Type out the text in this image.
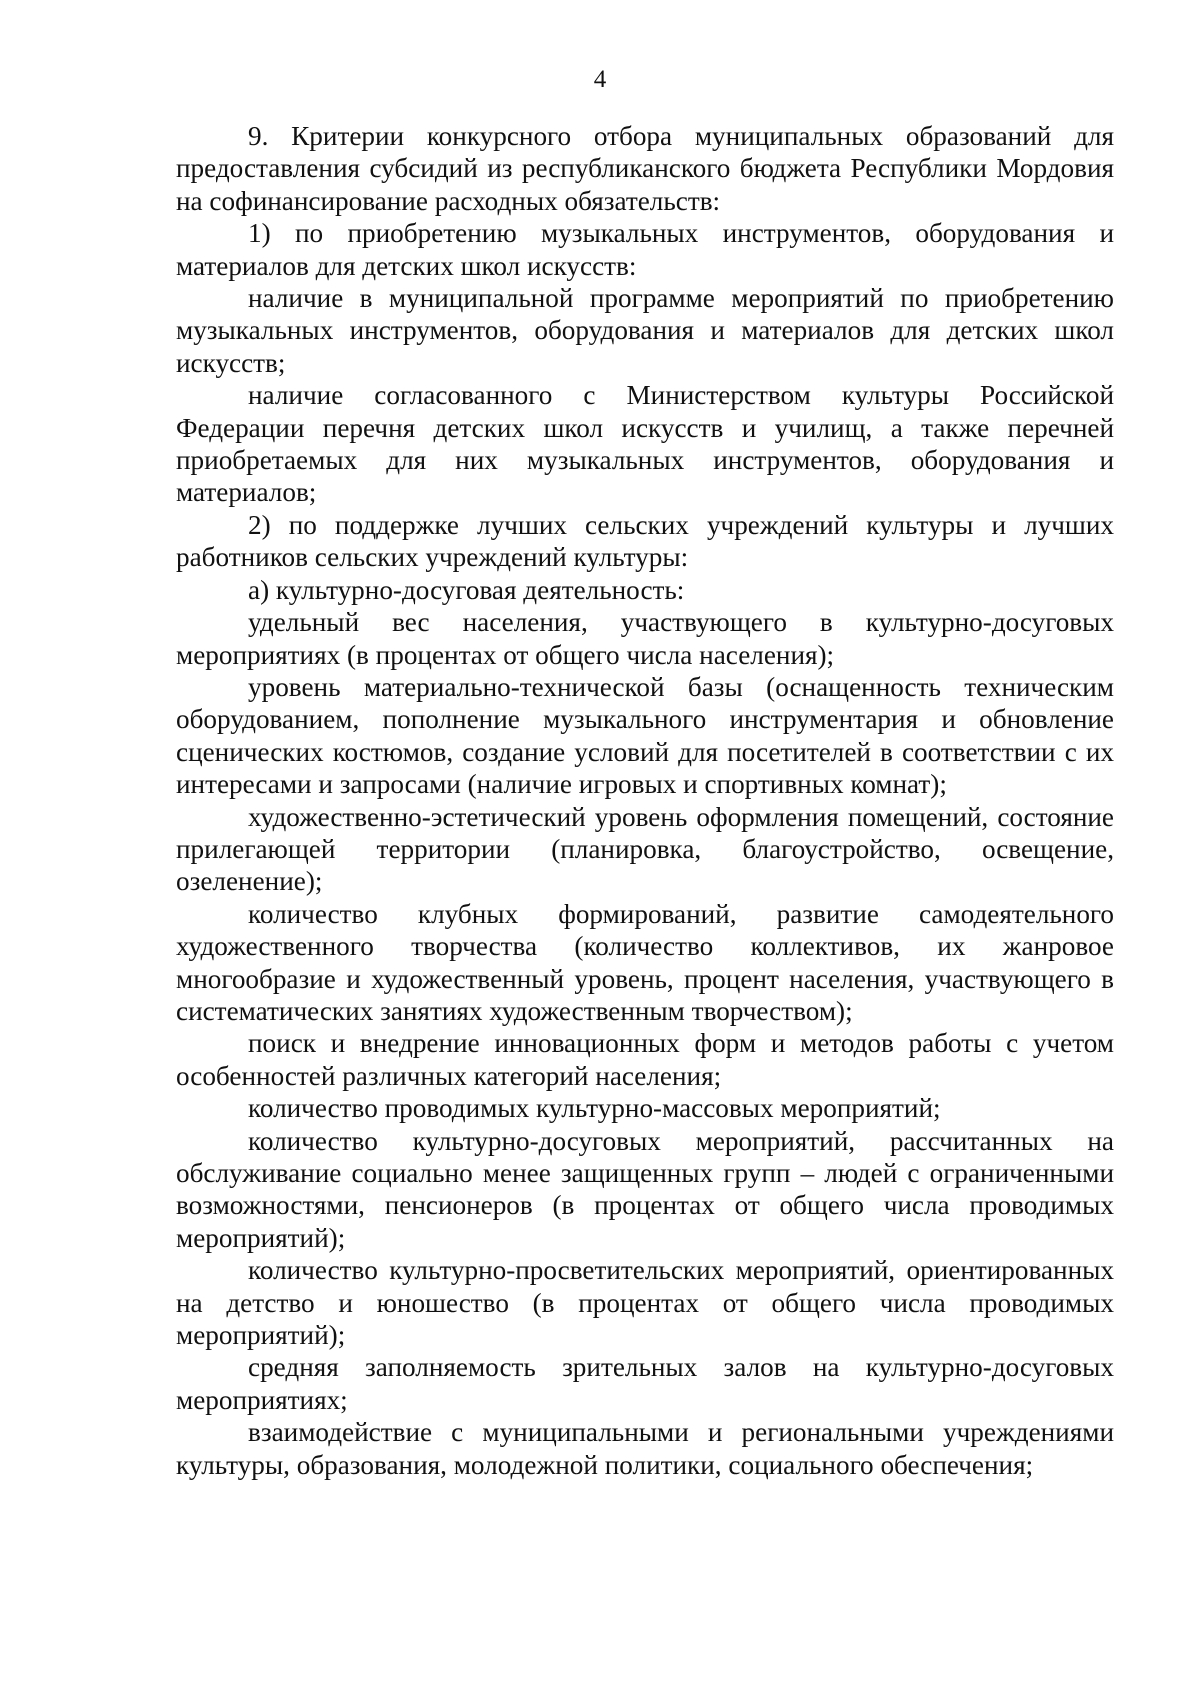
4

9. Критерии конкурсного отбора муниципальных образований для предоставления субсидий из республиканского бюджета Республики Мордовия на софинансирование расходных обязательств:

1) по приобретению музыкальных инструментов, оборудования и материалов для детских школ искусств:

наличие в муниципальной программе мероприятий по приобретению музыкальных инструментов, оборудования и материалов для детских школ искусств;

наличие согласованного с Министерством культуры Российской Федерации перечня детских школ искусств и училищ, а также перечней приобретаемых для них музыкальных инструментов, оборудования и материалов;

2) по поддержке лучших сельских учреждений культуры и лучших работников сельских учреждений культуры:

а) культурно-досуговая деятельность:

удельный вес населения, участвующего в культурно-досуговых мероприятиях (в процентах от общего числа населения);

уровень материально-технической базы (оснащенность техническим оборудованием, пополнение музыкального инструментария и обновление сценических костюмов, создание условий для посетителей в соответствии с их интересами и запросами (наличие игровых и спортивных комнат);

художественно-эстетический уровень оформления помещений, состояние прилегающей территории (планировка, благоустройство, освещение, озеленение);

количество клубных формирований, развитие самодеятельного художественного творчества (количество коллективов, их жанровое многообразие и художественный уровень, процент населения, участвующего в систематических занятиях художественным творчеством);

поиск и внедрение инновационных форм и методов работы с учетом особенностей различных категорий населения;

количество проводимых культурно-массовых мероприятий;

количество культурно-досуговых мероприятий, рассчитанных на обслуживание социально менее защищенных групп – людей с ограниченными возможностями, пенсионеров (в процентах от общего числа проводимых мероприятий);

количество культурно-просветительских мероприятий, ориентированных на детство и юношество (в процентах от общего числа проводимых мероприятий);

средняя заполняемость зрительных залов на культурно-досуговых мероприятиях;

взаимодействие с муниципальными и региональными учреждениями культуры, образования, молодежной политики, социального обеспечения;
